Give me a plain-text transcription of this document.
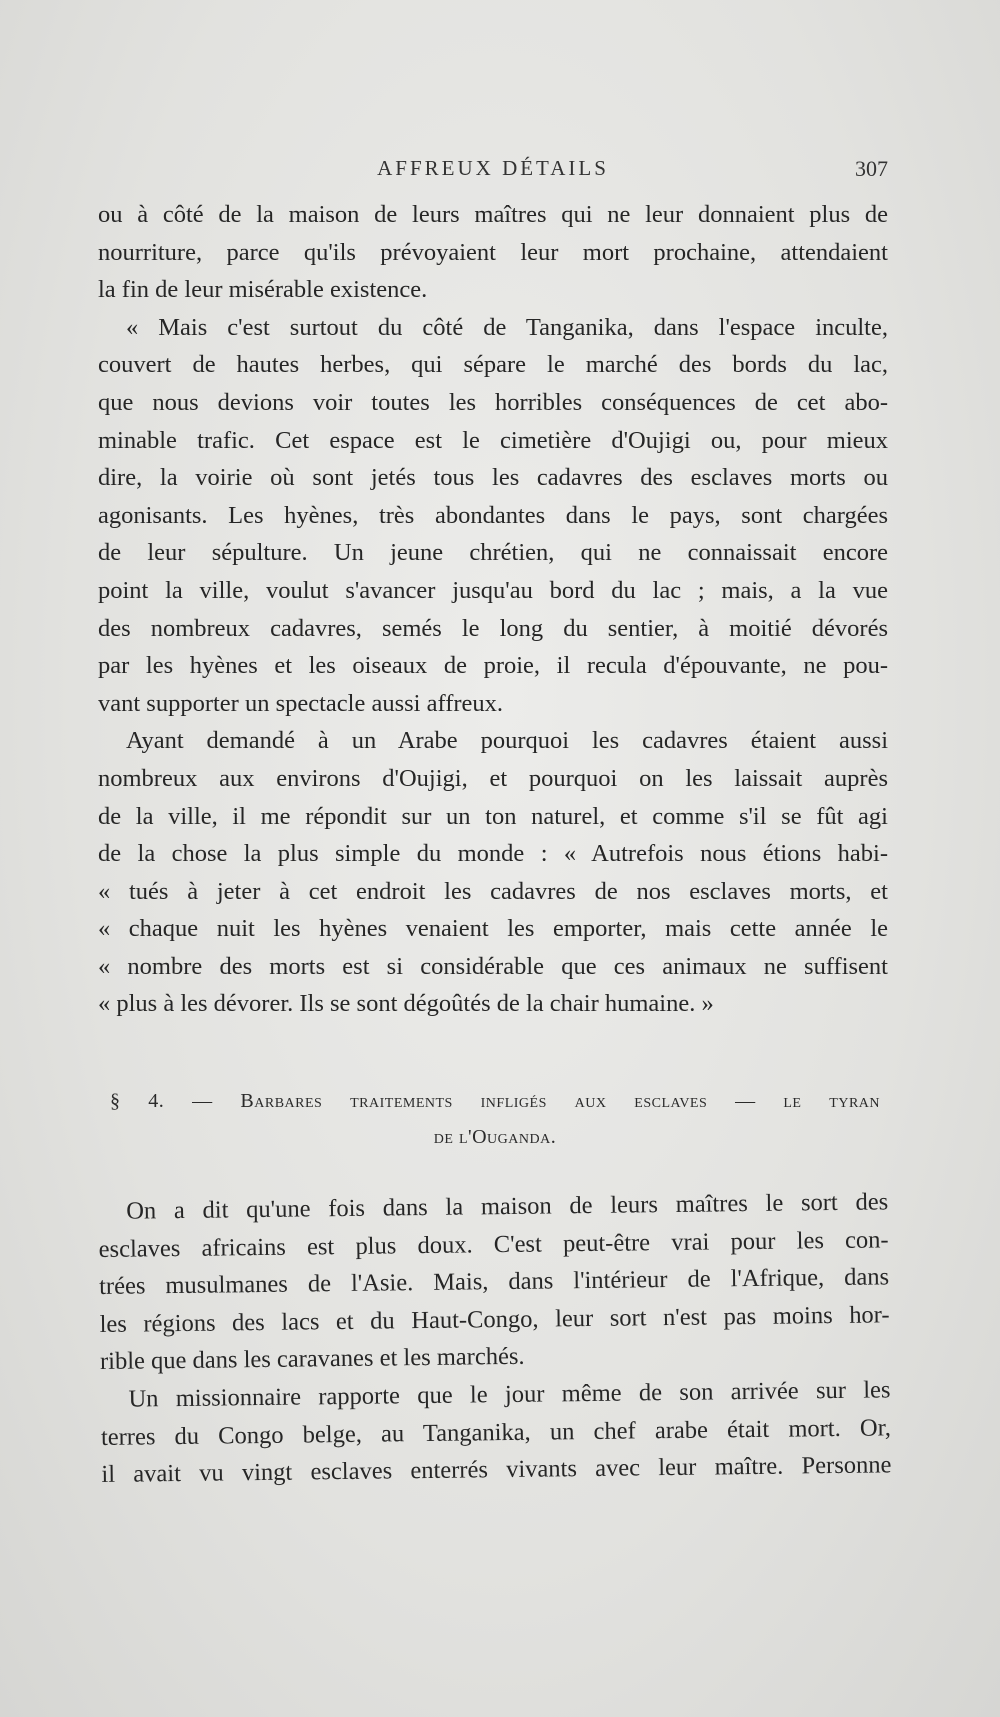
AFFREUX DÉTAILS	307

ou à côté de la maison de leurs maîtres qui ne leur donnaient plus de
nourriture, parce qu'ils prévoyaient leur mort prochaine, attendaient
la fin de leur misérable existence.

« Mais c'est surtout du côté de Tanganika, dans l'espace inculte,
couvert de hautes herbes, qui sépare le marché des bords du lac,
que nous devions voir toutes les horribles conséquences de cet abo-
minable trafic. Cet espace est le cimetière d'Oujigi ou, pour mieux
dire, la voirie où sont jetés tous les cadavres des esclaves morts ou
agonisants. Les hyènes, très abondantes dans le pays, sont chargées
de leur sépulture. Un jeune chrétien, qui ne connaissait encore
point la ville, voulut s'avancer jusqu'au bord du lac ; mais, a la vue
des nombreux cadavres, semés le long du sentier, à moitié dévorés
par les hyènes et les oiseaux de proie, il recula d'épouvante, ne pou-
vant supporter un spectacle aussi affreux.

Ayant demandé à un Arabe pourquoi les cadavres étaient aussi
nombreux aux environs d'Oujigi, et pourquoi on les laissait auprès
de la ville, il me répondit sur un ton naturel, et comme s'il se fût agi
de la chose la plus simple du monde : « Autrefois nous étions habi-
« tués à jeter à cet endroit les cadavres de nos esclaves morts, et
« chaque nuit les hyènes venaient les emporter, mais cette année le
« nombre des morts est si considérable que ces animaux ne suffisent
« plus à les dévorer. Ils se sont dégoûtés de la chair humaine. »

§ 4. — Barbares traitements infligés aux esclaves — le tyran
de l'Ouganda.

On a dit qu'une fois dans la maison de leurs maîtres le sort des
esclaves africains est plus doux. C'est peut-être vrai pour les con-
trées musulmanes de l'Asie. Mais, dans l'intérieur de l'Afrique, dans
les régions des lacs et du Haut-Congo, leur sort n'est pas moins hor-
rible que dans les caravanes et les marchés.

Un missionnaire rapporte que le jour même de son arrivée sur les
terres du Congo belge, au Tanganika, un chef arabe était mort. Or,
il avait vu vingt esclaves enterrés vivants avec leur maître. Personne
